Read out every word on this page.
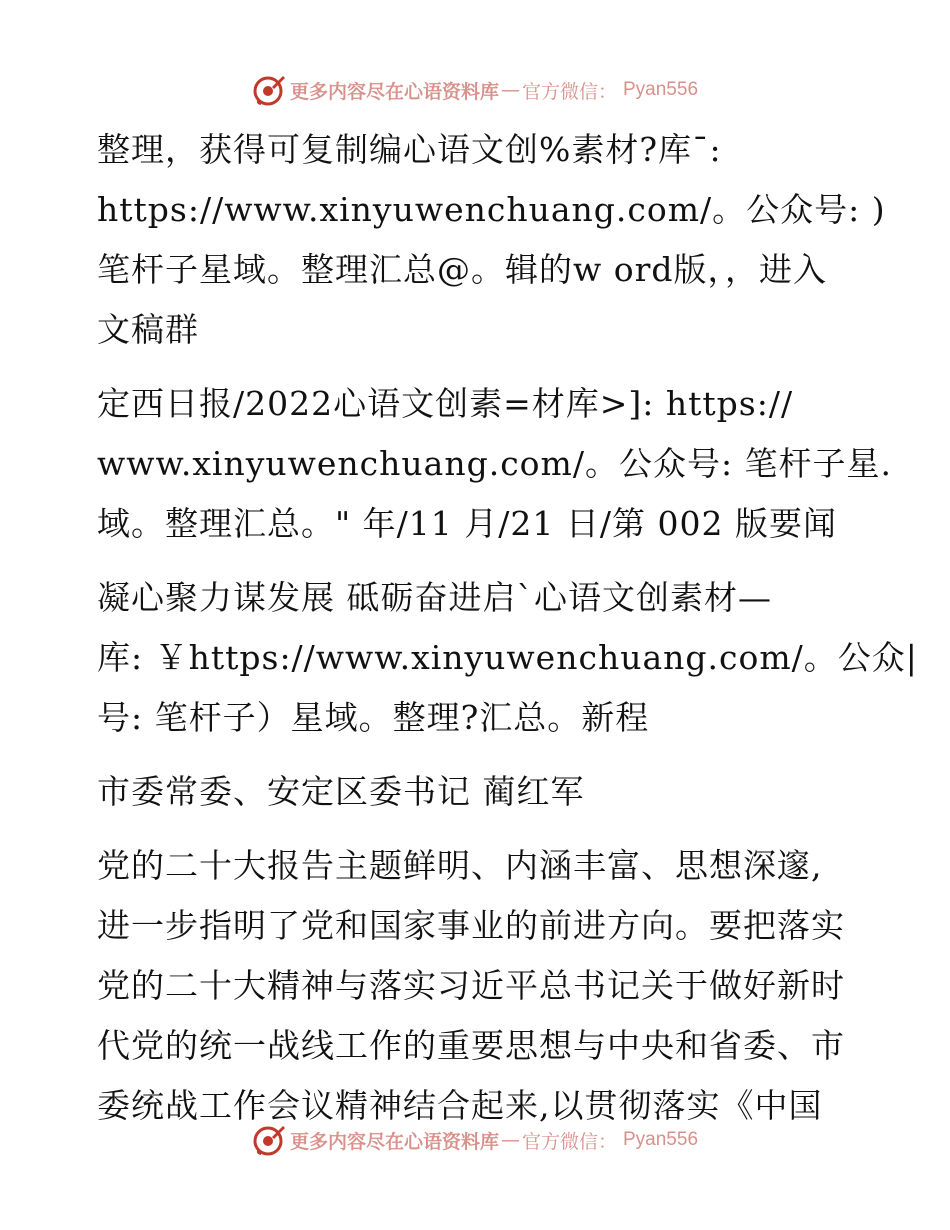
更多内容尽在心语资料库 — 官方微信： Pyan556
整理，获得可复制编心语文创%素材?库¯:
https://www.xinyuwenchuang.com/。公众号: )
笔杆子星域。整理汇总@。辑的w ord版，，进入
文稿群
定西日报/2022心语文创素=材库>]: https://
www.xinyuwenchuang.com/。公众号: 笔杆子星.
域。整理汇总。" 年/11 月/21 日/第 002 版要闻
凝心聚力谋发展 砥砺奋进启`心语文创素材—
库: ￥https://www.xinyuwenchuang.com/。公众|
号: 笔杆子）星域。整理?汇总。新程
市委常委、安定区委书记 蔺红军
党的二十大报告主题鲜明、内涵丰富、思想深邃,
进一步指明了党和国家事业的前进方向。要把落实
党的二十大精神与落实习近平总书记关于做好新时
代党的统一战线工作的重要思想与中央和省委、市
委统战工作会议精神结合起来,以贯彻落实《中国
更多内容尽在心语资料库 — 官方微信： Pyan556
